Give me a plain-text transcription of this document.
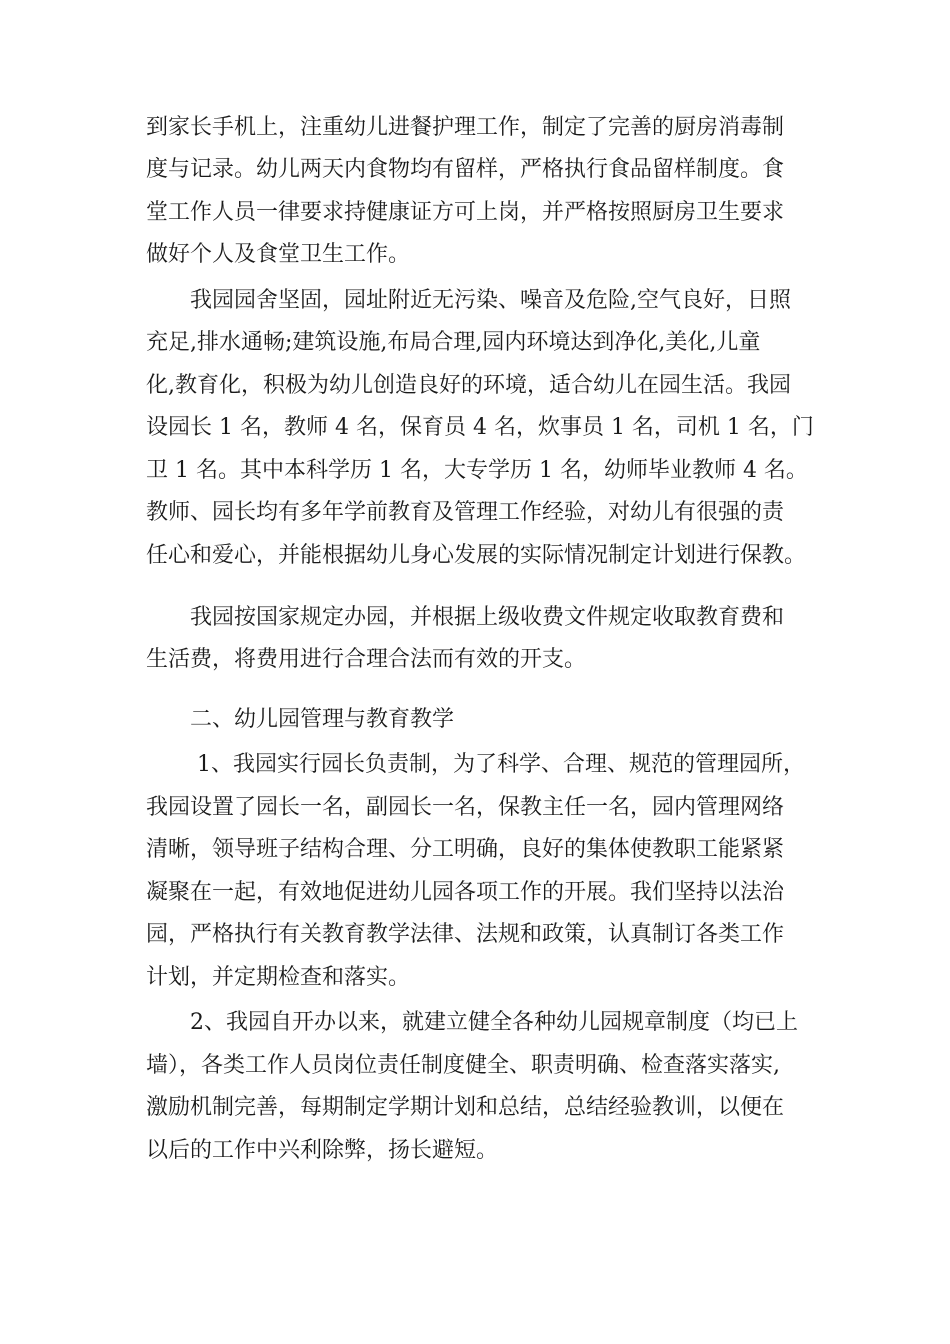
到家长手机上，注重幼儿进餐护理工作，制定了完善的厨房消毒制

度与记录。幼儿两天内食物均有留样，严格执行食品留样制度。食

堂工作人员一律要求持健康证方可上岗，并严格按照厨房卫生要求

做好个人及食堂卫生工作。

我园园舍坚固，园址附近无污染、噪音及危险,空气良好，日照

充足,排水通畅;建筑设施,布局合理,园内环境达到净化,美化,儿童

化,教育化，积极为幼儿创造良好的环境，适合幼儿在园生活。我园

设园长 1 名，教师 4 名，保育员 4 名，炊事员 1 名，司机 1 名，门

卫 1 名。其中本科学历 1 名，大专学历 1 名，幼师毕业教师 4 名。

教师、园长均有多年学前教育及管理工作经验，对幼儿有很强的责

任心和爱心，并能根据幼儿身心发展的实际情况制定计划进行保教。

我园按国家规定办园，并根据上级收费文件规定收取教育费和

生活费，将费用进行合理合法而有效的开支。

二、幼儿园管理与教育教学

1、我园实行园长负责制，为了科学、合理、规范的管理园所，

我园设置了园长一名，副园长一名，保教主任一名，园内管理网络

清晰，领导班子结构合理、分工明确，良好的集体使教职工能紧紧

凝聚在一起，有效地促进幼儿园各项工作的开展。我们坚持以法治

园，严格执行有关教育教学法律、法规和政策，认真制订各类工作

计划，并定期检查和落实。

2、我园自开办以来，就建立健全各种幼儿园规章制度（均已上

墙），各类工作人员岗位责任制度健全、职责明确、检查落实落实,

激励机制完善，每期制定学期计划和总结，总结经验教训，以便在

以后的工作中兴利除弊，扬长避短。
